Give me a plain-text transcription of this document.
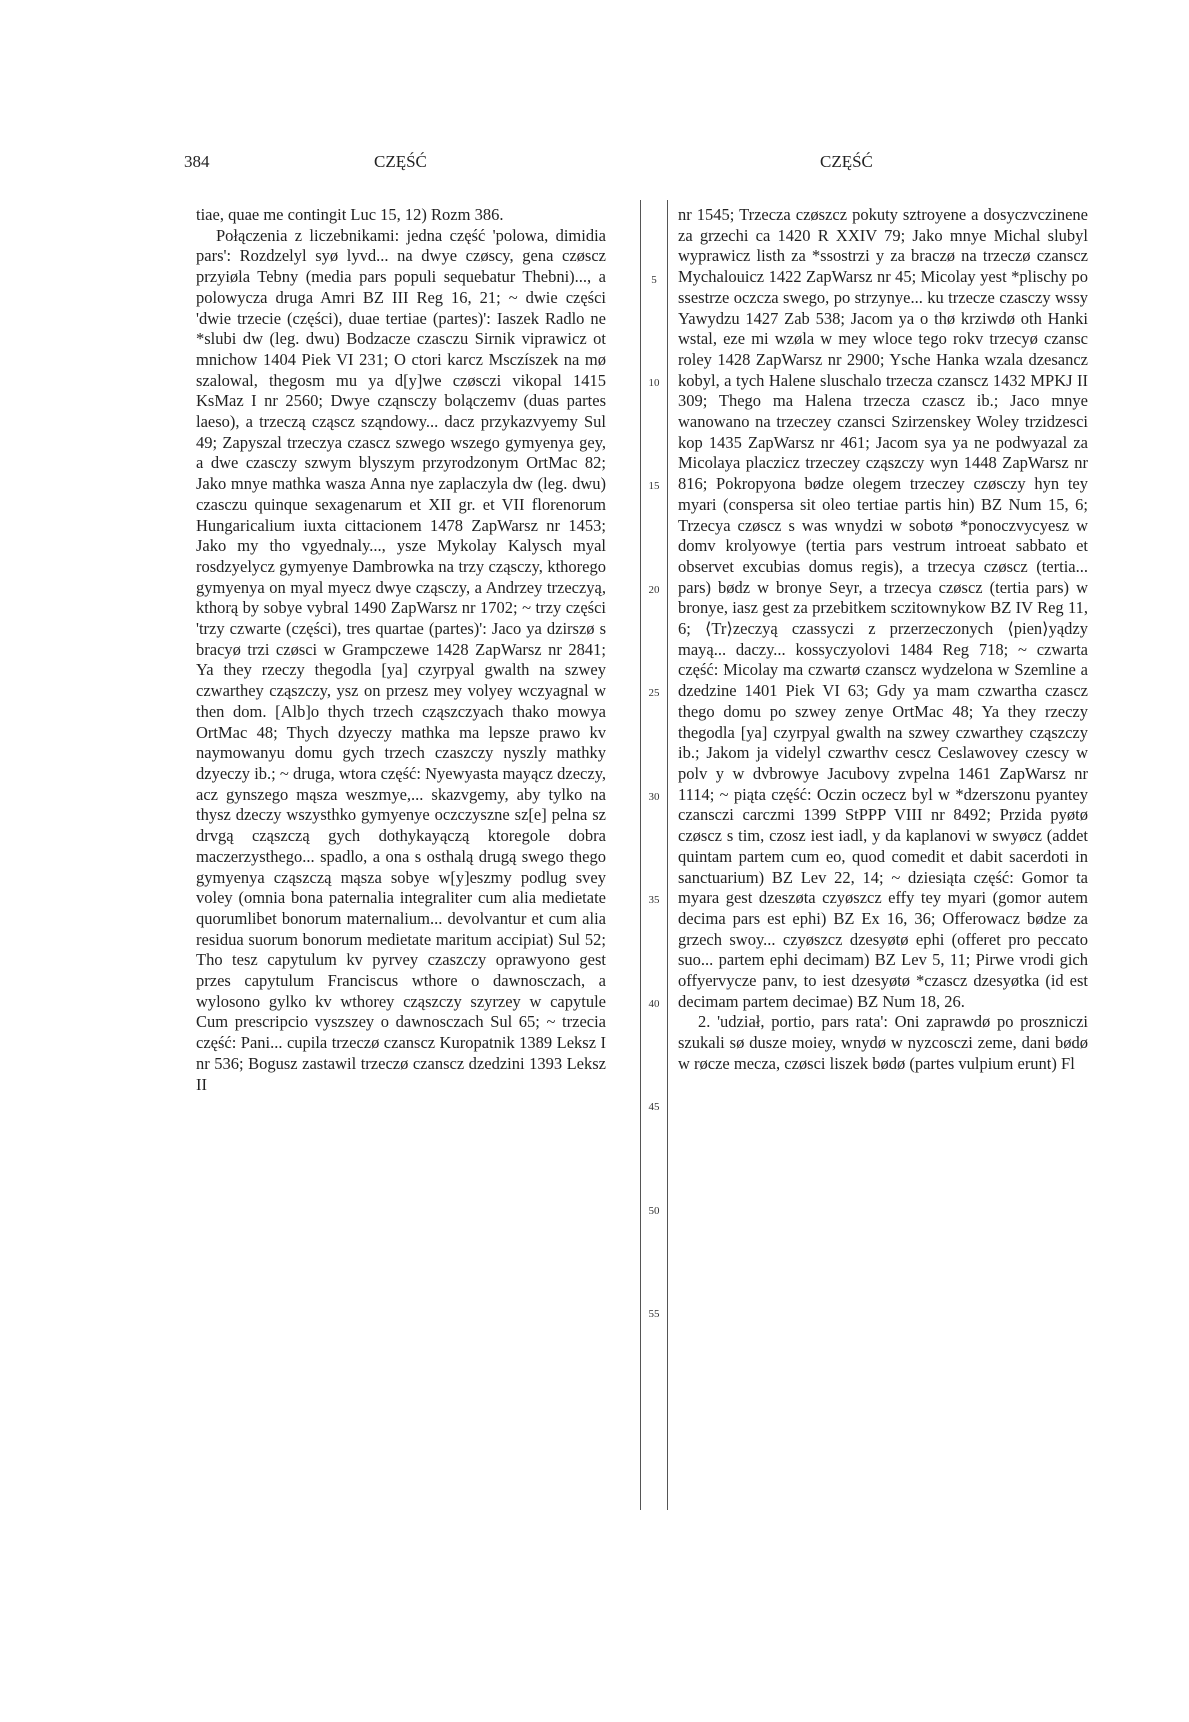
384	CZĘŚĆ	CZĘŚĆ
5
10
15
20
25
30
35
40
45
50
55

tiae, quae me contingit Luc 15, 12) Rozm 386.

Połączenia z liczebnikami: jedna część 'polowa, dimidia pars': Rozdzelyl syø lyvd... na dwye czøscy, gena czøscz przyiøla Tebny (media pars populi sequebatur Thebni)..., a polowycza druga Amri BZ III Reg 16, 21; ~ dwie części 'dwie trzecie (części), duae tertiae (partes)': Iaszek Radlo ne *slubi dw (leg. dwu) Bodzacze czasczu Sirnik viprawicz ot mnichow 1404 Piek VI 231; O ctori karcz Msczíszek na mø szalowal, thegosm mu ya d[y]we czøsczi vikopal 1415 KsMaz I nr 2560; Dwye cząnsczy bolączemv (duas partes laeso), a trzeczą cząscz sząndowy... dacz przykazvyemy Sul 49; Zapyszal trzeczya czascz szwego wszego gymyenya gey, a dwe czasczy szwym blyszym przyrodzonym OrtMac 82; Jako mnye mathka wasza Anna nye zaplaczyla dw (leg. dwu) czasczu quinque sexagenarum et XII gr. et VII florenorum Hungaricalium iuxta cittacionem 1478 ZapWarsz nr 1453; Jako my tho vgyednaly..., ysze Mykolay Kalysch myal rosdzyelycz gymyenye Dambrowka na trzy cząsczy, kthorego gymyenya on myal myecz dwye cząsczy, a Andrzey trzeczyą, kthorą by sobye vybral 1490 ZapWarsz nr 1702; ~ trzy części 'trzy czwarte (części), tres quartae (partes)': Jaco ya dzirszø s bracyø trzi czøsci w Grampczewe 1428 ZapWarsz nr 2841; Ya they rzeczy thegodla [ya] czyrpyal gwalth na szwey czwarthey cząszczy, ysz on przesz mey volyey wczyagnal w then dom. [Alb]o thych trzech cząszczyach thako mowya OrtMac 48; Thych dzyeczy mathka ma lepsze prawo kv naymowanyu domu gych trzech czaszczy nyszly mathky dzyeczy ib.; ~ druga, wtora część: Nyewyasta mayącz dzeczy, acz gynszego mąsza weszmye,... skazvgemy, aby tylko na thysz dzeczy wszysthko gymyenye oczczyszne sz[e] pelna sz drvgą cząszczą gych dothykayączą ktoregole dobra maczerzysthego... spadlo, a ona s osthalą drugą swego thego gymyenya cząszczą mąsza sobye w[y]eszmy podlug svey voley (omnia bona paternalia integraliter cum alia medietate quorumlibet bonorum maternalium... devolvantur et cum alia residua suorum bonorum medietate maritum accipiat) Sul 52; Tho tesz capytulum kv pyrvey czaszczy oprawyono gest przes capytulum Franciscus wthore o dawnosczach, a wylosono gylko kv wthorey cząszczy szyrzey w capytule Cum prescripcio vyszszey o dawnosczach Sul 65; ~ trzecia część: Pani... cupila trzeczø czanscz Kuropatnik 1389 Leksz I nr 536; Bogusz zastawil trzeczø czanscz dzedzini 1393 Leksz II

nr 1545; Trzecza czøszcz pokuty sztroyene a dosyczvczinene za grzechi ca 1420 R XXIV 79; Jako mnye Michal slubyl wyprawicz listh za *ssostrzi y za braczø na trzeczø czanscz Mychalouicz 1422 ZapWarsz nr 45; Micolay yest *plischy po ssestrze oczcza swego, po strzynye... ku trzecze czasczy wssy Yawydzu 1427 Zab 538; Jacom ya o thø krziwdø oth Hanki wstal, eze mi wzøla w mey wloce tego rokv trzecyø czansc roley 1428 ZapWarsz nr 2900; Ysche Hanka wzala dzesancz kobyl, a tych Halene sluschalo trzecza czanscz 1432 MPKJ II 309; Thego ma Halena trzecza czascz ib.; Jaco mnye wanowano na trzeczey czansci Szirzenskey Woley trzidzesci kop 1435 ZapWarsz nr 461; Jacom sya ya ne podwyazal za Micolaya placzicz trzeczey cząszczy wyn 1448 ZapWarsz nr 816; Pokropyona bødze olegem trzeczey czøsczy hyn tey myari (conspersa sit oleo tertiae partis hin) BZ Num 15, 6; Trzecya czøscz s was wnydzi w sobotø *ponoczvycyesz w domv krolyowye (tertia pars vestrum introeat sabbato et observet excubias domus regis), a trzecya czøscz (tertia... pars) bødz w bronye Seyr, a trzecya czøscz (tertia pars) w bronye, iasz gest za przebitkem sczitownykow BZ IV Reg 11, 6; ⟨Tr⟩zeczyą czassyczi z przerzeczonych ⟨pien⟩yądzy mayą... daczy... kossyczyolovi 1484 Reg 718; ~ czwarta część: Micolay ma czwartø czanscz wydzelona w Szemline a dzedzine 1401 Piek VI 63; Gdy ya mam czwartha czascz thego domu po szwey zenye OrtMac 48; Ya they rzeczy thegodla [ya] czyrpyal gwalth na szwey czwarthey cząszczy ib.; Jakom ja videlyl czwarthv cescz Ceslawovey czescy w polv y w dvbrowye Jacubovy zvpelna 1461 ZapWarsz nr 1114; ~ piąta część: Oczin oczecz byl w *dzerszonu pyantey czansczi carczmi 1399 StPPP VIII nr 8492; Przida pyøtø czøscz s tim, czosz iest iadl, y da kaplanovi w swyøcz (addet quintam partem cum eo, quod comedit et dabit sacerdoti in sanctuarium) BZ Lev 22, 14; ~ dziesiąta część: Gomor ta myara gest dzeszøta czyøszcz effy tey myari (gomor autem decima pars est ephi) BZ Ex 16, 36; Offerowacz bødze za grzech swoy... czyøszcz dzesyøtø ephi (offeret pro peccato suo... partem ephi decimam) BZ Lev 5, 11; Pirwe vrodi gich offyervycze panv, to iest dzesyøtø *czascz dzesyøtka (id est decimam partem decimae) BZ Num 18, 26.

2. 'udział, portio, pars rata': Oni zaprawdø po proszniczi szukali sø dusze moiey, wnydø w nyzcosczi zeme, dani bødø w røcze mecza, czøsci liszek bødø (partes vulpium erunt) Fl
